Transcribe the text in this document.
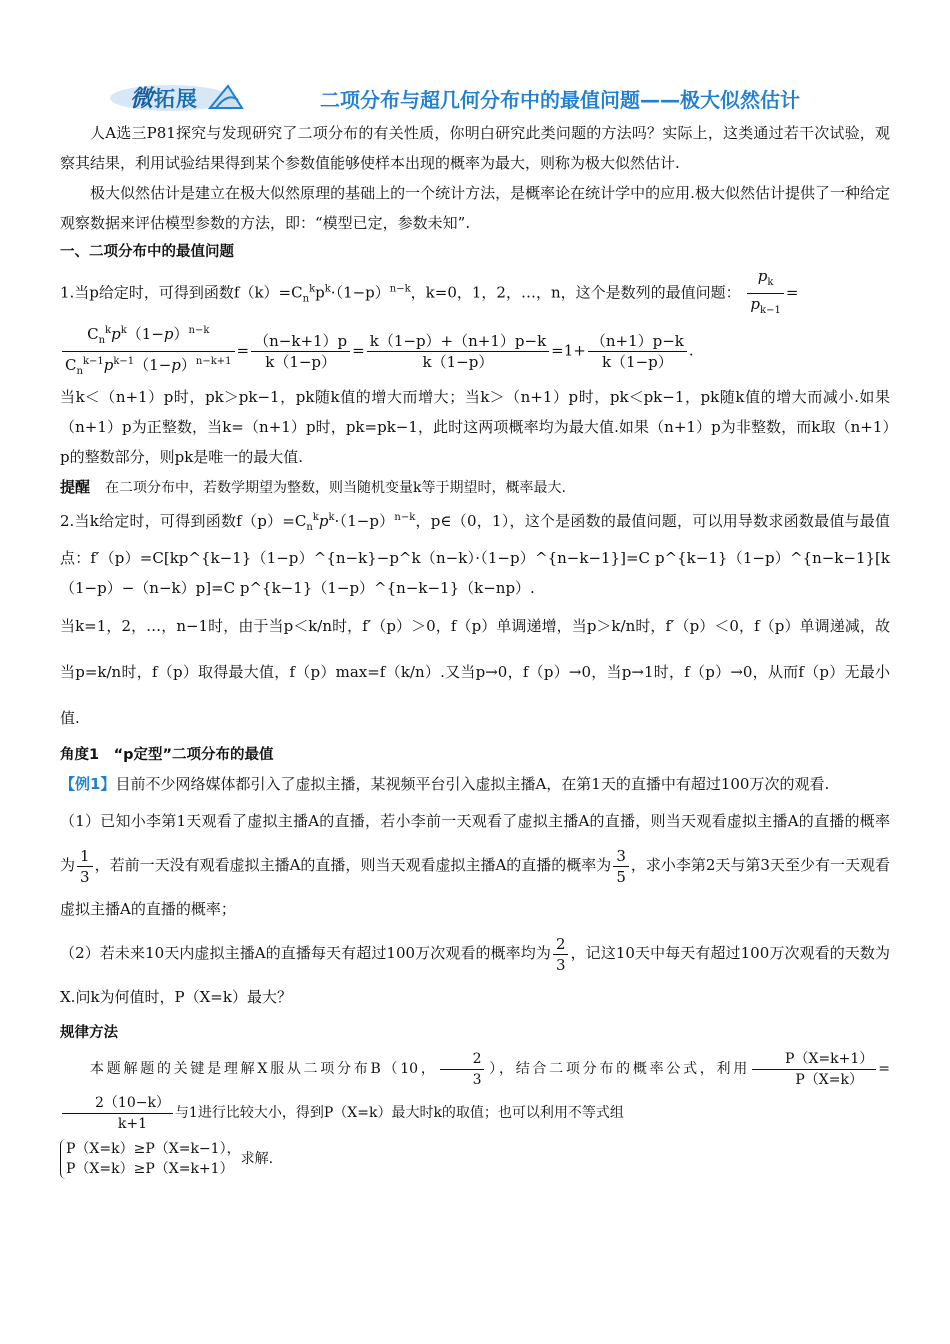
微拓展	二项分布与超几何分布中的最值问题——极大似然估计

人A选三P81探究与发现研究了二项分布的有关性质，你明白研究此类问题的方法吗？实际上，这类通过若干次试验，观察其结果，利用试验结果得到某个参数值能够使样本出现的概率为最大，则称为极大似然估计.

极大似然估计是建立在极大似然原理的基础上的一个统计方法，是概率论在统计学中的应用.极大似然估计提供了一种给定观察数据来评估模型参数的方法，即：“模型已定，参数未知”.

一、二项分布中的最值问题

1.当p给定时，可得到函数$f(k)=C_n^kp^k\cdot(1-p)^{n-k}$，k=0，1，2，…，n，这个是数列的最值问题： $\frac{p_k}{p_{k-1}}$ =

$\frac{C_n^kp^k(1-p)^{n-k}}{C_n^{k-1}p^{k-1}(1-p)^{n-k+1}} = \frac{(n-k+1)p}{k(1-p)} = \frac{k(1-p)+(n+1)p-k}{k(1-p)} =1+ \frac{(n+1)p-k}{k(1-p)}$ .

当k＜（n+1）p时，pk＞pk−1，pk随k值的增大而增大；当k＞（n+1）p时，pk＜pk−1，pk随k值的增大而减小.如果（n+1）p为正整数，当k=（n+1）p时，pk=pk−1，此时这两项概率均为最大值.如果（n+1）p为非整数，而k取（n+1）p的整数部分，则pk是唯一的最大值.

提醒　 在二项分布中，若数学期望为整数，则当随机变量k等于期望时，概率最大.

2.当k给定时，可得到函数$f(p)=C_n^kp^k\cdot(1-p)^{n-k}$，p∈（0，1），这个是函数的最值问题，可以用导数求函数最值与最值点：f′（p）=C[kp^{k−1}（1−p）^{n−k}−p^k（n−k）·（1−p）^{n−k−1}]=C p^{k−1}（1−p）^{n−k−1}[k（1−p）−（n−k）p]=C p^{k−1}（1−p）^{n−k−1}（k−np）.

当k=1，2，…，n−1时，由于当p＜k/n时，f′（p）＞0，f（p）单调递增，当p＞k/n时，f′（p）＜0，f（p）单调递减，故当p=k/n时，f（p）取得最大值，f（p）max=f（k/n）.又当p→0，f（p）→0，当p→1时，f（p）→0，从而f（p）无最小值.

角度1　“p定型”二项分布的最值

【例1】目前不少网络媒体都引入了虚拟主播，某视频平台引入虚拟主播A，在第1天的直播中有超过100万次的观看.

（1）已知小李第1天观看了虚拟主播A的直播，若小李前一天观看了虚拟主播A的直播，则当天观看虚拟主播A的直播的概率为 $\frac{1}{3}$ ，若前一天没有观看虚拟主播A的直播，则当天观看虚拟主播A的直播的概率为 $\frac{3}{5}$ ，求小李第2天与第3天至少有一天观看虚拟主播A的直播的概率；

（2）若未来10天内虚拟主播A的直播每天有超过100万次观看的概率均为 $\frac{2}{3}$ ，记这10天中每天有超过100万次观看的天数为X.问k为何值时，P（X=k）最大？

规律方法

本题解题的关键是理解X服从二项分布B（10， $\frac{2}{3}$ ），结合二项分布的概率公式，利用 $\frac{P(X=k+1)}{P(X=k)}$ =
$\frac{2(10-k)}{k+1}$ 与1进行比较大小，得到P（X=k）最大时k的取值；也可以利用不等式组

P（X=k）≥P（X=k−1），
P（X=k）≥P（X=k+1）求解.
